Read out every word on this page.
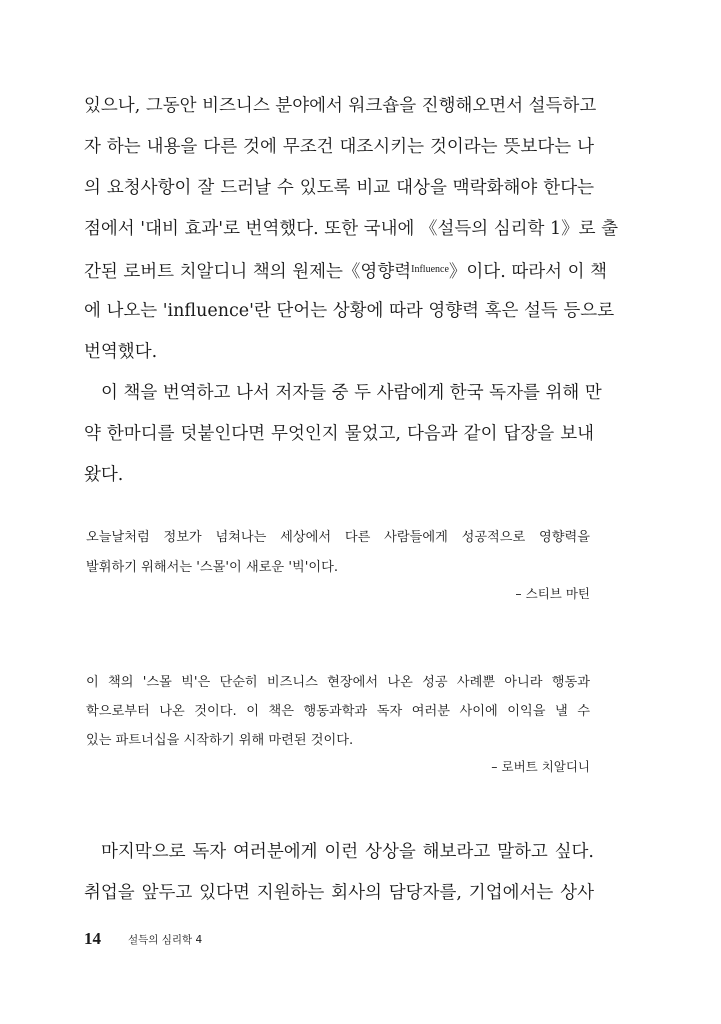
있으나, 그동안 비즈니스 분야에서 워크숍을 진행해오면서 설득하고
자 하는 내용을 다른 것에 무조건 대조시키는 것이라는 뜻보다는 나
의 요청사항이 잘 드러날 수 있도록 비교 대상을 맥락화해야 한다는
점에서 '대비 효과'로 번역했다. 또한 국내에 《설득의 심리학 1》로 출
간된 로버트 치알디니 책의 원제는《영향력$^{Influence}$》이다. 따라서 이 책
에 나오는 'influence'란 단어는 상황에 따라 영향력 혹은 설득 등으로
번역했다.
이 책을 번역하고 나서 저자들 중 두 사람에게 한국 독자를 위해 만
약 한마디를 덧붙인다면 무엇인지 물었고, 다음과 같이 답장을 보내
왔다.
오늘날처럼 정보가 넘쳐나는 세상에서 다른 사람들에게 성공적으로 영향력을
발휘하기 위해서는 '스몰'이 새로운 '빅'이다.
– 스티브 마틴
이 책의 '스몰 빅'은 단순히 비즈니스 현장에서 나온 성공 사례뿐 아니라 행동과
학으로부터 나온 것이다. 이 책은 행동과학과 독자 여러분 사이에 이익을 낼 수
있는 파트너십을 시작하기 위해 마련된 것이다.
– 로버트 치알디니
마지막으로 독자 여러분에게 이런 상상을 해보라고 말하고 싶다.
취업을 앞두고 있다면 지원하는 회사의 담당자를, 기업에서는 상사
14	설득의 심리학 4
